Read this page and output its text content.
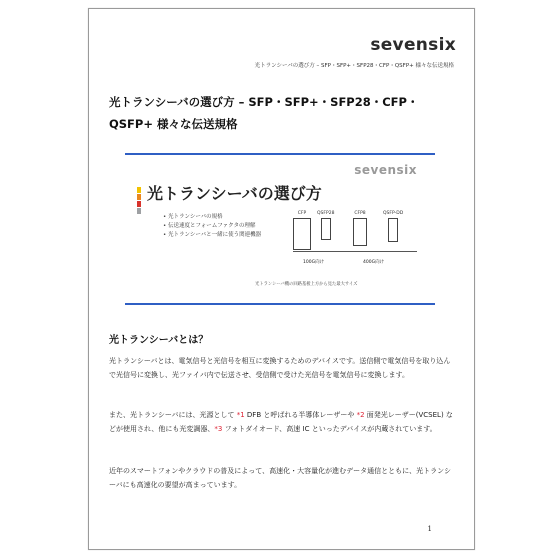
sevensix
光トランシーバの選び方 – SFP・SFP+・SFP28・CFP・QSFP+ 様々な伝送規格
光トランシーバの選び方 – SFP・SFP+・SFP28・CFP・QSFP+ 様々な伝送規格
sevensix
光トランシーバの選び方
• 光トランシーバの規格
• 伝送速度とフォームファクタの理解
• 光トランシーバと一緒に使う関連機器
CFP	QSFP28	CFP8	QSFP-DD
100G向け	400G向け
光トランシーバ機の回路基板上方から見た最大サイズ
光トランシーバとは？

光トランシーバとは、電気信号と光信号を相互に変換するためのデバイスです。送信側で電気信号を取り込んで光信号に変換し、光ファイバ内で伝送させ、受信側で受けた光信号を電気信号に変換します。

また、光トランシーバには、光源として *1 DFB と呼ばれる半導体レーザーや *2 面発光レーザー(VCSEL) などが使用され、他にも光変調器、*3 フォトダイオード、高速 IC といったデバイスが内蔵されています。

近年のスマートフォンやクラウドの普及によって、高速化・大容量化が進むデータ通信とともに、光トランシーバにも高速化の要望が高まっています。

1
